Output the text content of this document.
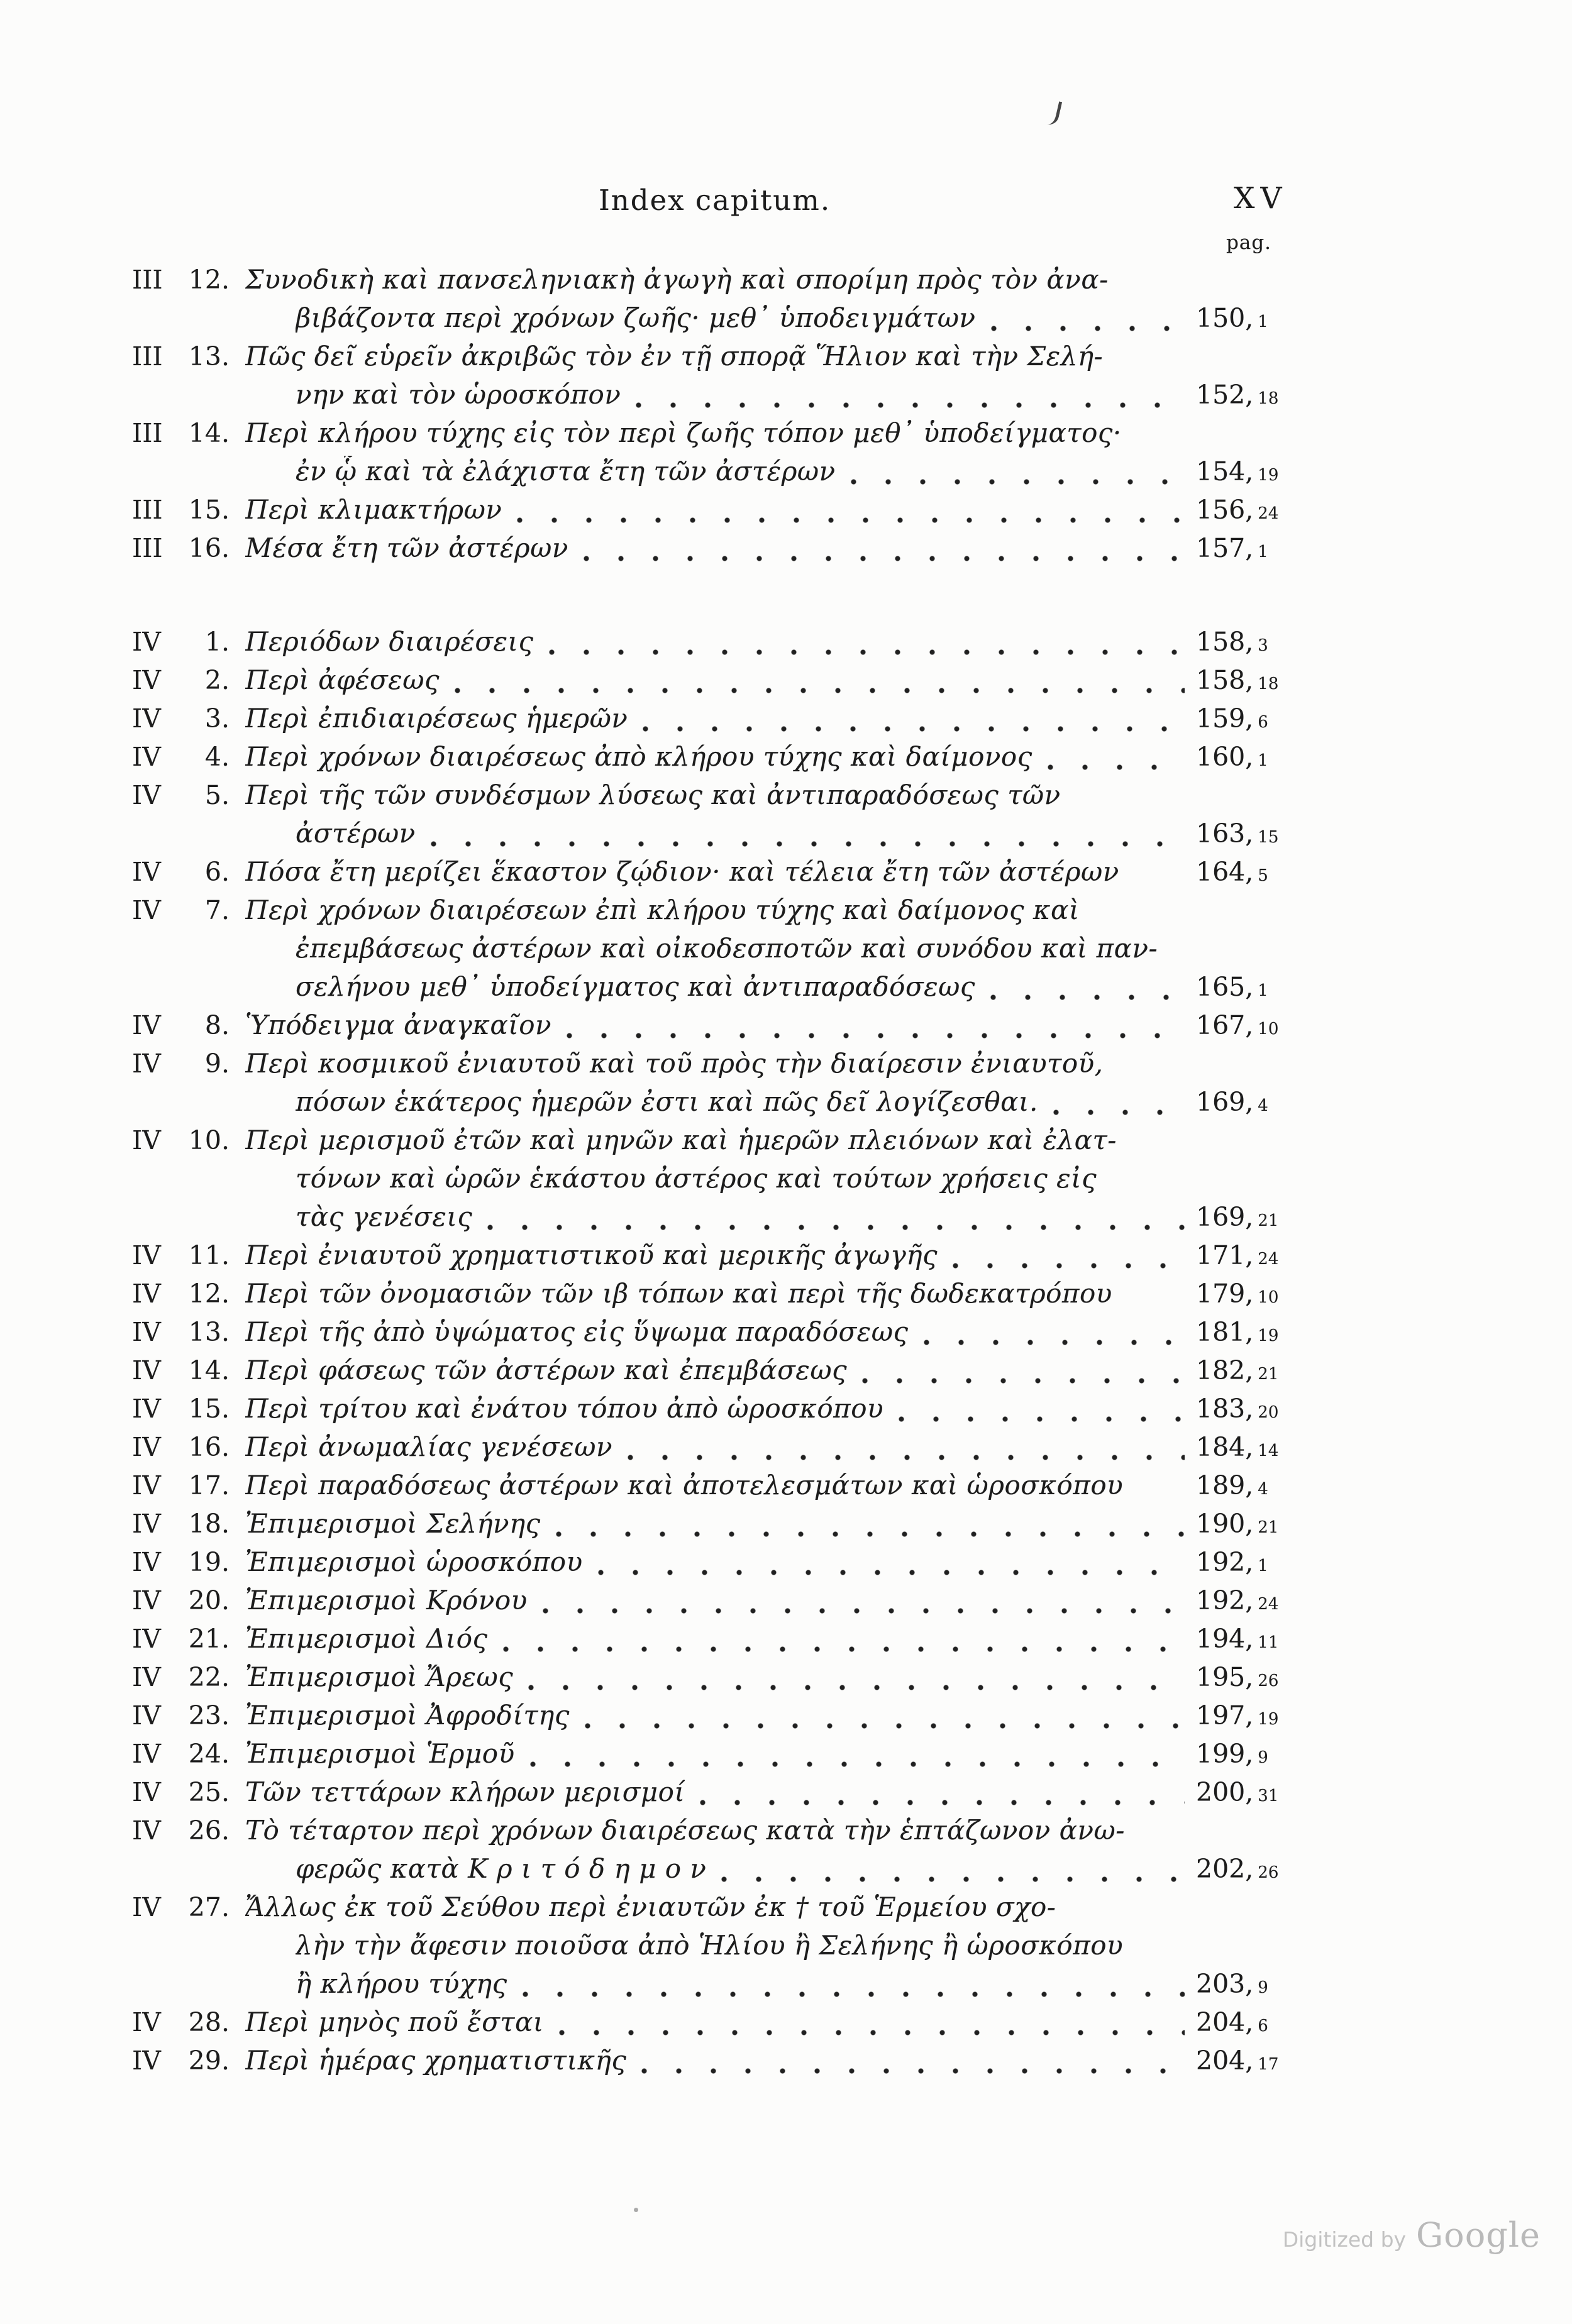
Index capitum.	XV
pag.
III 12. Συνοδικὴ καὶ πανσεληνιακὴ ἀγωγὴ καὶ σπορίμη πρὸς τὸν ἀνα-
βιβάζοντα περὶ χρόνων ζωῆς· μεθ᾽ ὑποδειγμάτων	150, 1
III 13. Πῶς δεῖ εὑρεῖν ἀκριβῶς τὸν ἐν τῇ σπορᾷ Ἥλιον καὶ τὴν Σελή-
νην καὶ τὸν ὡροσκόπον	152, 18
III 14. Περὶ κλήρου τύχης εἰς τὸν περὶ ζωῆς τόπον μεθ᾽ ὑποδείγματος·
ἐν ᾧ καὶ τὰ ἐλάχιστα ἔτη τῶν ἀστέρων	154, 19
III 15. Περὶ κλιμακτήρων	156, 24
III 16. Μέσα ἔτη τῶν ἀστέρων	157, 1
IV 1. Περιόδων διαιρέσεις	158, 3
IV 2. Περὶ ἀφέσεως	158, 18
IV 3. Περὶ ἐπιδιαιρέσεως ἡμερῶν	159, 6
IV 4. Περὶ χρόνων διαιρέσεως ἀπὸ κλήρου τύχης καὶ δαίμονος	160, 1
IV 5. Περὶ τῆς τῶν συνδέσμων λύσεως καὶ ἀντιπαραδόσεως τῶν
ἀστέρων	163, 15
IV 6. Πόσα ἔτη μερίζει ἕκαστον ζῴδιον· καὶ τέλεια ἔτη τῶν ἀστέρων	164, 5
IV 7. Περὶ χρόνων διαιρέσεων ἐπὶ κλήρου τύχης καὶ δαίμονος καὶ
ἐπεμβάσεως ἀστέρων καὶ οἰκοδεσποτῶν καὶ συνόδου καὶ παν-
σελήνου μεθ᾽ ὑποδείγματος καὶ ἀντιπαραδόσεως	165, 1
IV 8. Ὑπόδειγμα ἀναγκαῖον	167, 10
IV 9. Περὶ κοσμικοῦ ἐνιαυτοῦ καὶ τοῦ πρὸς τὴν διαίρεσιν ἐνιαυτοῦ,
πόσων ἑκάτερος ἡμερῶν ἐστι καὶ πῶς δεῖ λογίζεσθαι.	169, 4
IV 10. Περὶ μερισμοῦ ἐτῶν καὶ μηνῶν καὶ ἡμερῶν πλειόνων καὶ ἐλατ-
τόνων καὶ ὡρῶν ἑκάστου ἀστέρος καὶ τούτων χρήσεις εἰς
τὰς γενέσεις	169, 21
IV 11. Περὶ ἐνιαυτοῦ χρηματιστικοῦ καὶ μερικῆς ἀγωγῆς	171, 24
IV 12. Περὶ τῶν ὀνομασιῶν τῶν ιβ τόπων καὶ περὶ τῆς δωδεκατρόπου	179, 10
IV 13. Περὶ τῆς ἀπὸ ὑψώματος εἰς ὕψωμα παραδόσεως	181, 19
IV 14. Περὶ φάσεως τῶν ἀστέρων καὶ ἐπεμβάσεως	182, 21
IV 15. Περὶ τρίτου καὶ ἐνάτου τόπου ἀπὸ ὡροσκόπου	183, 20
IV 16. Περὶ ἀνωμαλίας γενέσεων	184, 14
IV 17. Περὶ παραδόσεως ἀστέρων καὶ ἀποτελεσμάτων καὶ ὡροσκόπου	189, 4
IV 18. Ἐπιμερισμοὶ Σελήνης	190, 21
IV 19. Ἐπιμερισμοὶ ὡροσκόπου	192, 1
IV 20. Ἐπιμερισμοὶ Κρόνου	192, 24
IV 21. Ἐπιμερισμοὶ Διός	194, 11
IV 22. Ἐπιμερισμοὶ Ἄρεως	195, 26
IV 23. Ἐπιμερισμοὶ Ἀφροδίτης	197, 19
IV 24. Ἐπιμερισμοὶ Ἑρμοῦ	199, 9
IV 25. Τῶν τεττάρων κλήρων μερισμοί	200, 31
IV 26. Τὸ τέταρτον περὶ χρόνων διαιρέσεως κατὰ τὴν ἑπτάζωνον ἀνω-
φερῶς κατὰ Κ ρ ι τ ό δ η μ ο ν	202, 26
IV 27. Ἄλλως ἐκ τοῦ Σεύθου περὶ ἐνιαυτῶν ἐκ † τοῦ Ἑρμείου σχο-
λὴν τὴν ἄφεσιν ποιοῦσα ἀπὸ Ἡλίου ἢ Σελήνης ἢ ὡροσκόπου
ἢ κλήρου τύχης	203, 9
IV 28. Περὶ μηνὸς ποῦ ἔσται	204, 6
IV 29. Περὶ ἡμέρας χρηματιστικῆς	204, 17
Digitized by Google
